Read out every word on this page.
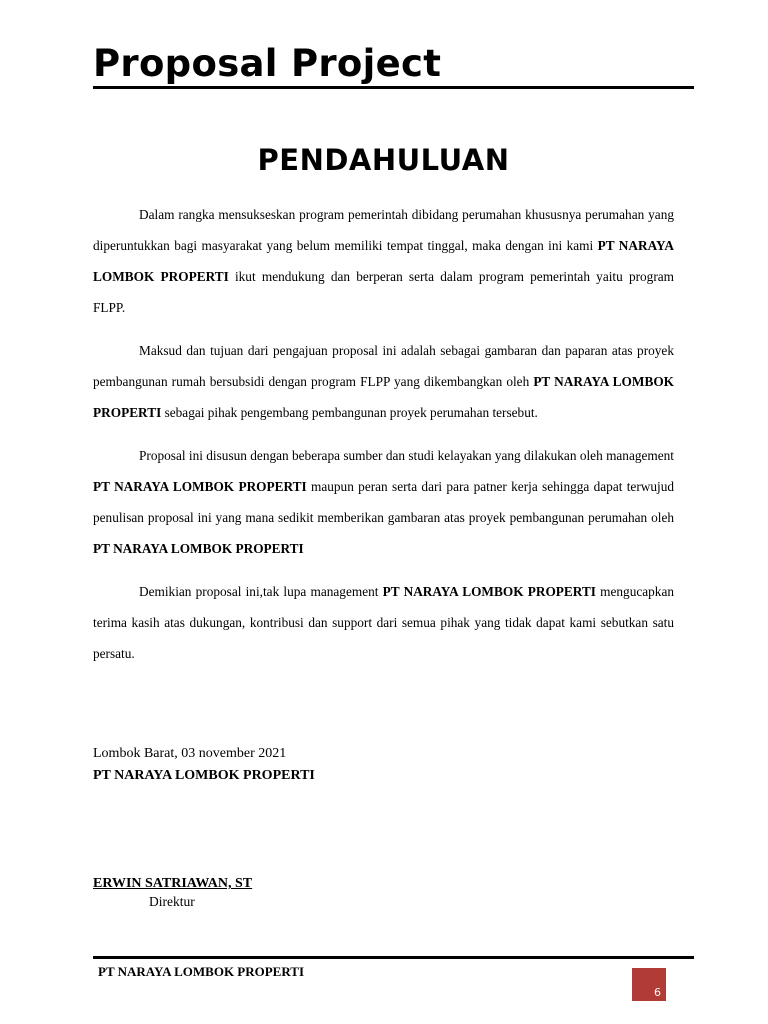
Proposal Project
PENDAHULUAN

Dalam rangka mensukseskan program pemerintah dibidang perumahan khususnya perumahan yang diperuntukkan bagi masyarakat yang belum memiliki tempat tinggal, maka dengan ini kami PT NARAYA LOMBOK PROPERTI ikut mendukung dan berperan serta dalam program pemerintah yaitu program FLPP.

Maksud dan tujuan dari pengajuan proposal ini adalah sebagai gambaran dan paparan atas proyek pembangunan rumah bersubsidi dengan program FLPP yang dikembangkan oleh PT NARAYA LOMBOK PROPERTI sebagai pihak pengembang pembangunan proyek perumahan tersebut.

Proposal ini disusun dengan beberapa sumber dan studi kelayakan yang dilakukan oleh management PT NARAYA LOMBOK PROPERTI maupun peran serta dari para patner kerja sehingga dapat terwujud penulisan proposal ini yang mana sedikit memberikan gambaran atas proyek pembangunan perumahan oleh PT NARAYA LOMBOK PROPERTI

Demikian proposal ini,tak lupa management PT NARAYA LOMBOK PROPERTI mengucapkan terima kasih atas dukungan, kontribusi dan support dari semua pihak yang tidak dapat kami sebutkan satu persatu.

Lombok Barat, 03 november 2021
PT NARAYA LOMBOK PROPERTI
ERWIN SATRIAWAN, ST
Direktur
PT NARAYA LOMBOK PROPERTI
6
